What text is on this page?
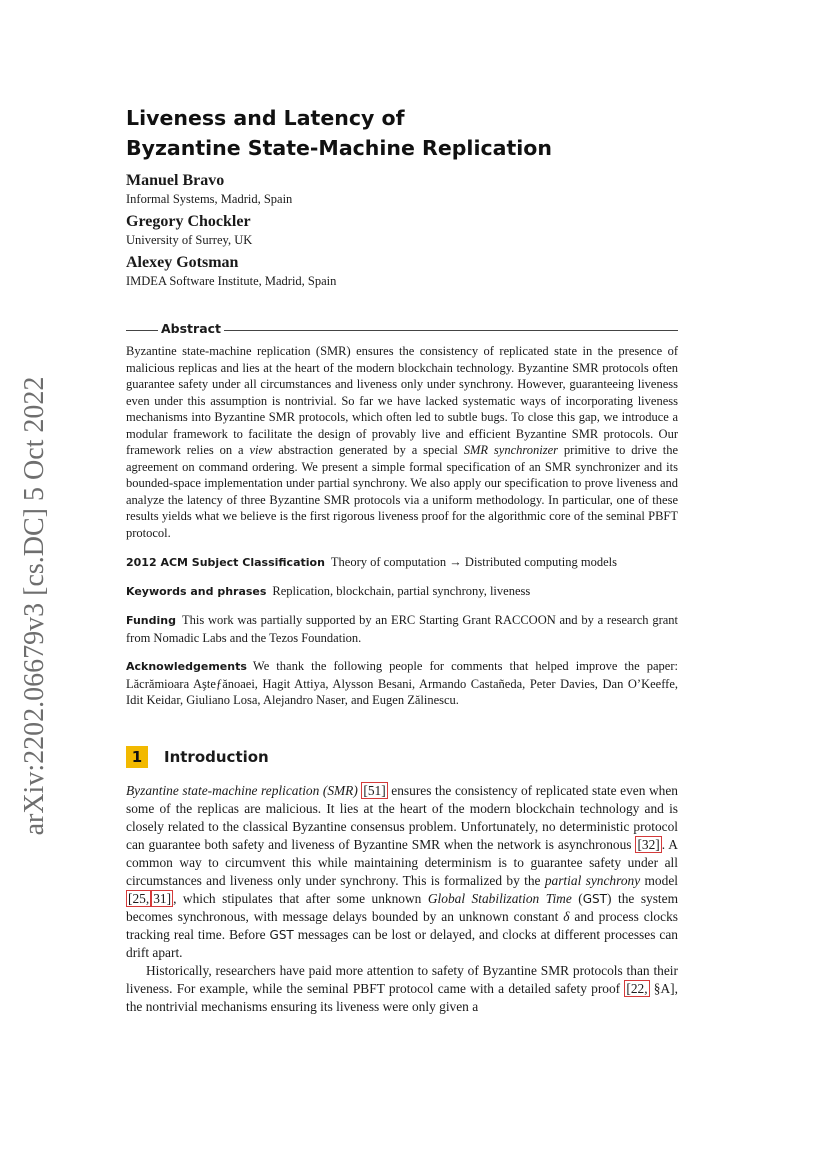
arXiv:2202.06679v3 [cs.DC] 5 Oct 2022
Liveness and Latency of
Byzantine State-Machine Replication
Manuel Bravo
Informal Systems, Madrid, Spain
Gregory Chockler
University of Surrey, UK
Alexey Gotsman
IMDEA Software Institute, Madrid, Spain
Abstract
Byzantine state-machine replication (SMR) ensures the consistency of replicated state in the presence of malicious replicas and lies at the heart of the modern blockchain technology. Byzantine SMR protocols often guarantee safety under all circumstances and liveness only under synchrony. However, guaranteeing liveness even under this assumption is nontrivial. So far we have lacked systematic ways of incorporating liveness mechanisms into Byzantine SMR protocols, which often led to subtle bugs. To close this gap, we introduce a modular framework to facilitate the design of provably live and efficient Byzantine SMR protocols. Our framework relies on a view abstraction generated by a special SMR synchronizer primitive to drive the agreement on command ordering. We present a simple formal specification of an SMR synchronizer and its bounded-space implementation under partial synchrony. We also apply our specification to prove liveness and analyze the latency of three Byzantine SMR protocols via a uniform methodology. In particular, one of these results yields what we believe is the first rigorous liveness proof for the algorithmic core of the seminal PBFT protocol.
2012 ACM Subject Classification Theory of computation → Distributed computing models
Keywords and phrases Replication, blockchain, partial synchrony, liveness
Funding This work was partially supported by an ERC Starting Grant RACCOON and by a research grant from Nomadic Labs and the Tezos Foundation.
Acknowledgements We thank the following people for comments that helped improve the paper: Lăcrămioara Aşteƒănoaei, Hagit Attiya, Alysson Besani, Armando Castañeda, Peter Davies, Dan O’Keeffe, Idit Keidar, Giuliano Losa, Alejandro Naser, and Eugen Zălinescu.
1 Introduction

Byzantine state-machine replication (SMR) [51] ensures the consistency of replicated state even when some of the replicas are malicious. It lies at the heart of the modern blockchain technology and is closely related to the classical Byzantine consensus problem. Unfortunately, no deterministic protocol can guarantee both safety and liveness of Byzantine SMR when the network is asynchronous [32] . A common way to circumvent this while maintaining determinism is to guarantee safety under all circumstances and liveness only under synchrony. This is formalized by the partial synchrony model [25, 31] , which stipulates that after some unknown Global Stabilization Time (GST) the system becomes synchronous, with message delays bounded by an unknown constant δ and process clocks tracking real time. Before GST messages can be lost or delayed, and clocks at different processes can drift apart.

Historically, researchers have paid more attention to safety of Byzantine SMR protocols than their liveness. For example, while the seminal PBFT protocol came with a detailed safety proof [22, §A], the nontrivial mechanisms ensuring its liveness were only given a
